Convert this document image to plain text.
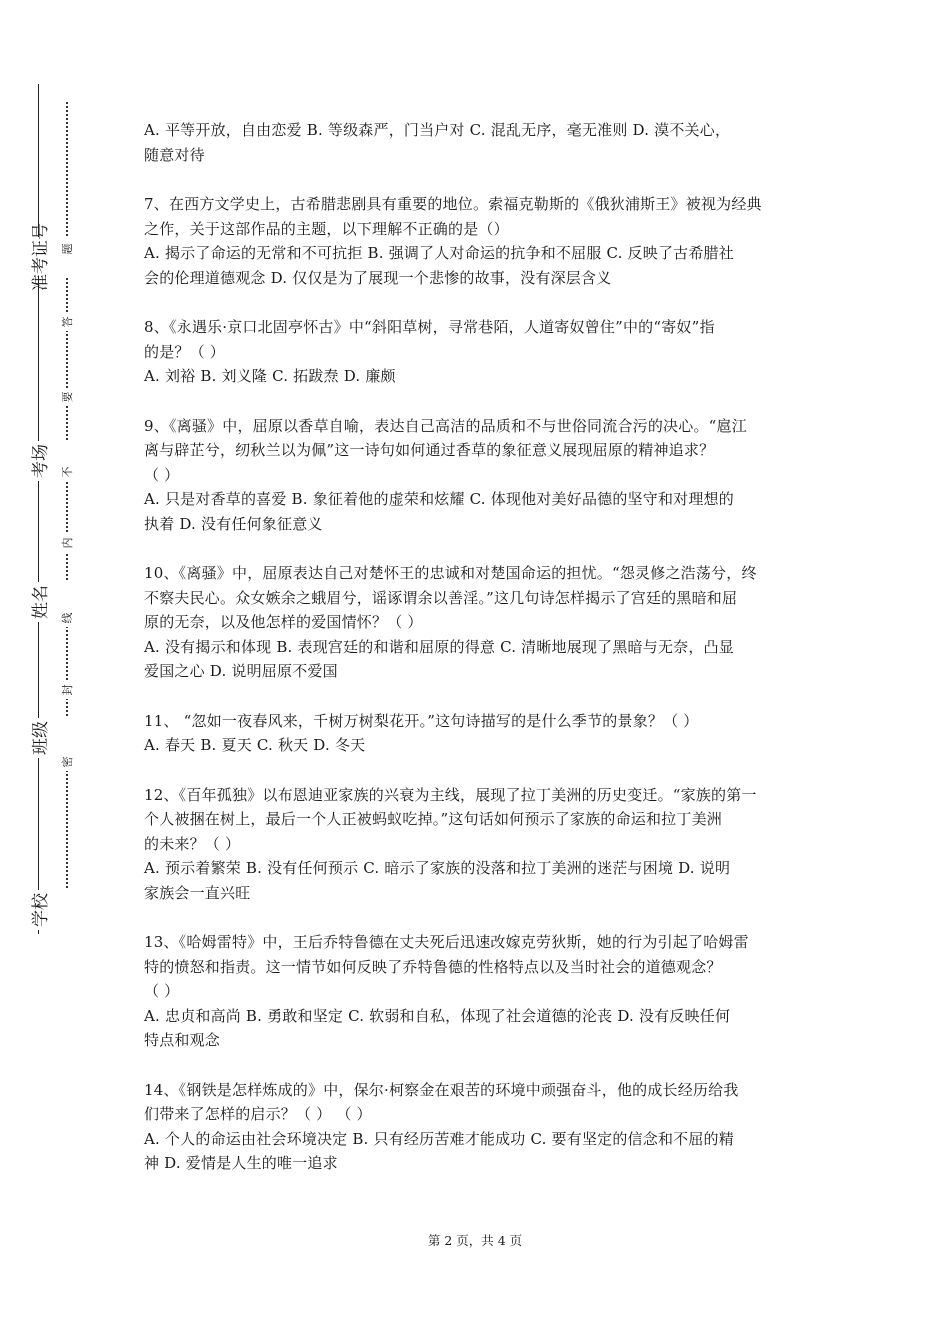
准考证号
考场
姓名
班级
学校
题
答
要
不
内
线
封
密

A. 平等开放，自由恋爱 B. 等级森严，门当户对 C. 混乱无序，毫无准则 D. 漠不关心，

随意对待

7、在西方文学史上，古希腊悲剧具有重要的地位。索福克勒斯的《俄狄浦斯王》被视为经典

之作，关于这部作品的主题，以下理解不正确的是（）

A. 揭示了命运的无常和不可抗拒 B. 强调了人对命运的抗争和不屈服 C. 反映了古希腊社

会的伦理道德观念 D. 仅仅是为了展现一个悲惨的故事，没有深层含义

8、《永遇乐·京口北固亭怀古》中“斜阳草树，寻常巷陌，人道寄奴曾住”中的“寄奴”指

的是？（ ）

A. 刘裕 B. 刘义隆 C. 拓跋焘 D. 廉颇

9、《离骚》中，屈原以香草自喻，表达自己高洁的品质和不与世俗同流合污的决心。“扈江

离与辟芷兮，纫秋兰以为佩”这一诗句如何通过香草的象征意义展现屈原的精神追求？

（ ）

A. 只是对香草的喜爱 B. 象征着他的虚荣和炫耀 C. 体现他对美好品德的坚守和对理想的

执着 D. 没有任何象征意义

10、《离骚》中，屈原表达自己对楚怀王的忠诚和对楚国命运的担忧。“怨灵修之浩荡兮，终

不察夫民心。众女嫉余之蛾眉兮，谣诼谓余以善淫。”这几句诗怎样揭示了宫廷的黑暗和屈

原的无奈，以及他怎样的爱国情怀？（ ）

A. 没有揭示和体现 B. 表现宫廷的和谐和屈原的得意 C. 清晰地展现了黑暗与无奈，凸显

爱国之心 D. 说明屈原不爱国

11、 “忽如一夜春风来，千树万树梨花开。”这句诗描写的是什么季节的景象？（ ）

A. 春天 B. 夏天 C. 秋天 D. 冬天

12、《百年孤独》以布恩迪亚家族的兴衰为主线，展现了拉丁美洲的历史变迁。“家族的第一

个人被捆在树上，最后一个人正被蚂蚁吃掉。”这句话如何预示了家族的命运和拉丁美洲

的未来？（ ）

A. 预示着繁荣 B. 没有任何预示 C. 暗示了家族的没落和拉丁美洲的迷茫与困境 D. 说明

家族会一直兴旺

13、《哈姆雷特》中，王后乔特鲁德在丈夫死后迅速改嫁克劳狄斯，她的行为引起了哈姆雷

特的愤怒和指责。这一情节如何反映了乔特鲁德的性格特点以及当时社会的道德观念？

（ ）

A. 忠贞和高尚 B. 勇敢和坚定 C. 软弱和自私，体现了社会道德的沦丧 D. 没有反映任何

特点和观念

14、《钢铁是怎样炼成的》中，保尔·柯察金在艰苦的环境中顽强奋斗，他的成长经历给我

们带来了怎样的启示？（ ） （ ）

A. 个人的命运由社会环境决定 B. 只有经历苦难才能成功 C. 要有坚定的信念和不屈的精

神 D. 爱情是人生的唯一追求

第 2 页，共 4 页
